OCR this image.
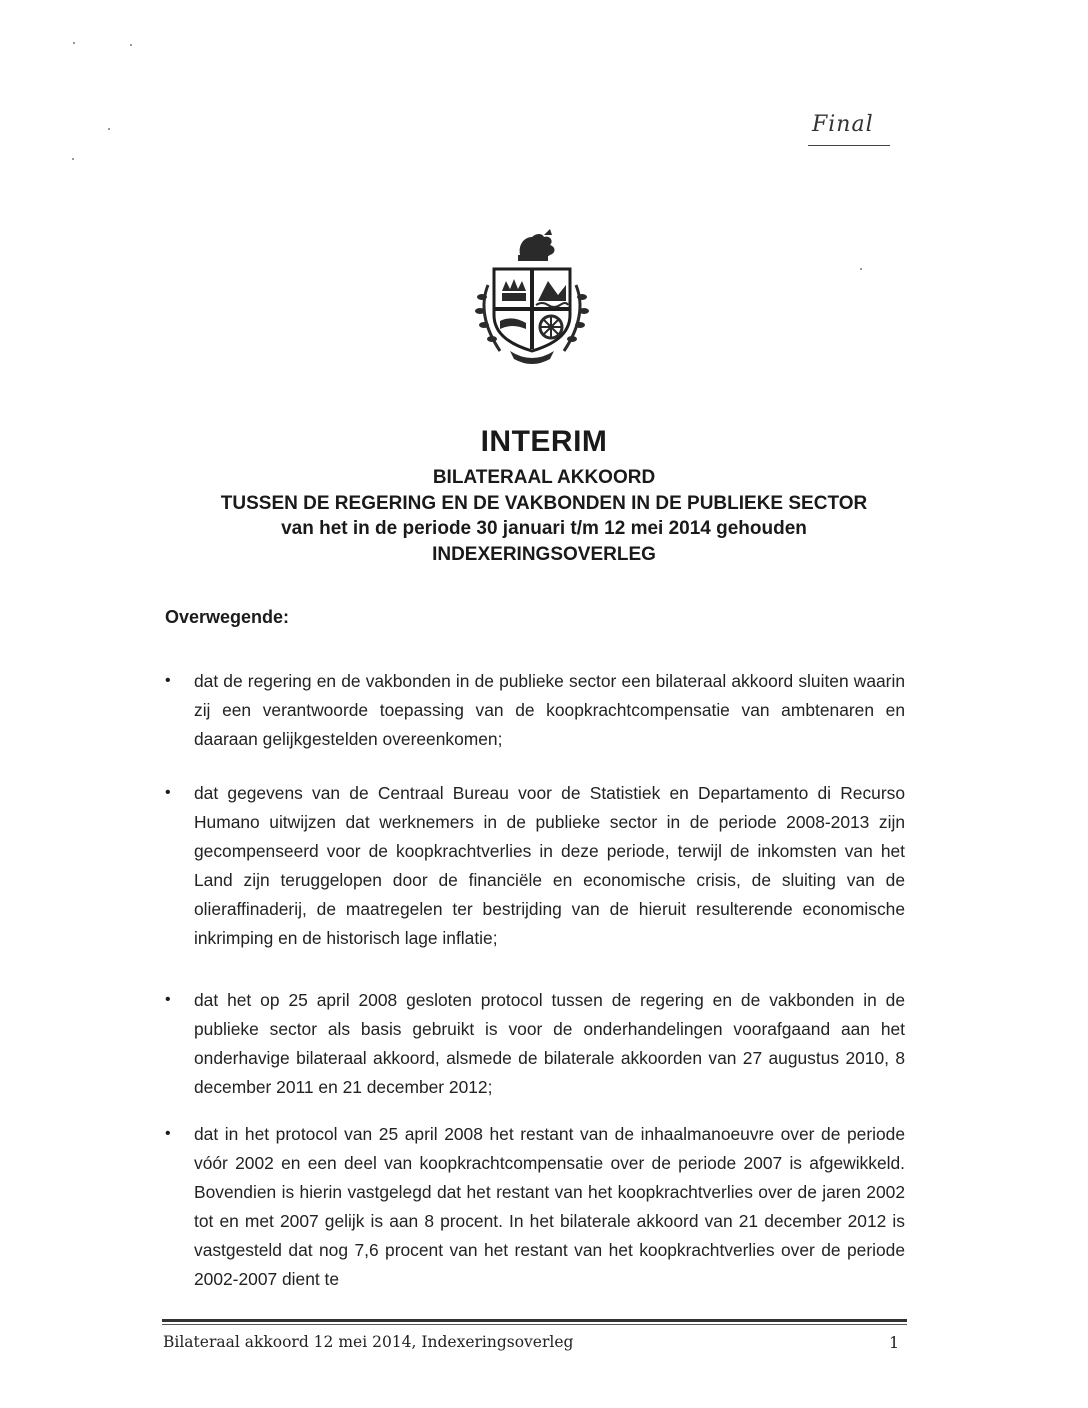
Final
INTERIM
BILATERAAL AKKOORD
TUSSEN DE REGERING EN DE VAKBONDEN IN DE PUBLIEKE SECTOR
van het in de periode 30 januari t/m 12 mei 2014 gehouden
INDEXERINGSOVERLEG
Overwegende:
• dat de regering en de vakbonden in de publieke sector een bilateraal akkoord sluiten waarin zij een verantwoorde toepassing van de koopkrachtcompensatie van ambtenaren en daaraan gelijkgestelden overeenkomen;
• dat gegevens van de Centraal Bureau voor de Statistiek en Departamento di Recurso Humano uitwijzen dat werknemers in de publieke sector in de periode 2008-2013 zijn gecompenseerd voor de koopkrachtverlies in deze periode, terwijl de inkomsten van het Land zijn teruggelopen door de financiële en economische crisis, de sluiting van de olieraffinaderij, de maatregelen ter bestrijding van de hieruit resulterende economische inkrimping en de historisch lage inflatie;
• dat het op 25 april 2008 gesloten protocol tussen de regering en de vakbonden in de publieke sector als basis gebruikt is voor de onderhandelingen voorafgaand aan het onderhavige bilateraal akkoord, alsmede de bilaterale akkoorden van 27 augustus 2010, 8 december 2011 en 21 december 2012;
• dat in het protocol van 25 april 2008 het restant van de inhaalmanoeuvre over de periode vóór 2002 en een deel van koopkrachtcompensatie over de periode 2007 is afgewikkeld. Bovendien is hierin vastgelegd dat het restant van het koopkrachtverlies over de jaren 2002 tot en met 2007 gelijk is aan 8 procent. In het bilaterale akkoord van 21 december 2012 is vastgesteld dat nog 7,6 procent van het restant van het koopkrachtverlies over de periode 2002-2007 dient te
Bilateraal akkoord 12 mei 2014, Indexeringsoverleg	1
